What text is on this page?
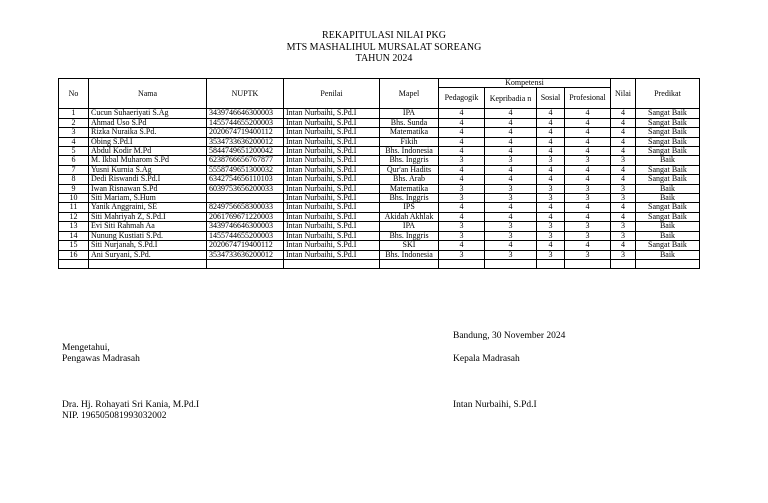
REKAPITULASI NILAI PKG
MTS MASHALIHUL MURSALAT SOREANG
TAHUN 2024
No	Nama	NUPTK	Penilai	Mapel	Kompetensi				Nilai	Predikat
					Pedagogik	Kepribadia n	Sosial	Profesional		
1	Cucun Suhaeriyati S.Ag	3439746646300003	Intan Nurbaihi, S.Pd.I	IPA	4	4	4	4	4	Sangat Baik
2	Ahmad Uso S.Pd	1455744655200003	Intan Nurbaihi, S.Pd.I	Bhs. Sunda	4	4	4	4	4	Sangat Baik
3	Rizka Nuraika S.Pd.	2020674719400112	Intan Nurbaihi, S.Pd.I	Matematika	4	4	4	4	4	Sangat Baik
4	Obing S.Pd.I	3534733636200012	Intan Nurbaihi, S.Pd.I	Fikih	4	4	4	4	4	Sangat Baik
5	Abdul Kodir M.Pd	5844749651200042	Intan Nurbaihi, S.Pd.I	Bhs. Indonesia	4	4	4	4	4	Sangat Baik
6	M. Ikbal Muharom S.Pd	6238766656767877	Intan Nurbaihi, S.Pd.I	Bhs. Inggris	3	3	3	3	3	Baik
7	Yusni Kurnia S.Ag	5558749651300032	Intan Nurbaihi, S.Pd.I	Qur'an Hadits	4	4	4	4	4	Sangat Baik
8	Dedi Riswandi S.Pd.I	6342754656110103	Intan Nurbaihi, S.Pd.I	Bhs. Arab	4	4	4	4	4	Sangat Baik
9	Iwan Risnawan S.Pd	6039753656200033	Intan Nurbaihi, S.Pd.I	Matematika	3	3	3	3	3	Baik
10	Siti Mariam, S.Hum		Intan Nurbaihi, S.Pd.I	Bhs. Inggris	3	3	3	3	3	Baik
11	Yanik Anggraini, SE	8249756658300033	Intan Nurbaihi, S.Pd.I	IPS	4	4	4	4	4	Sangat Baik
12	Siti Mahriyah Z, S.Pd.I	2061769671220003	Intan Nurbaihi, S.Pd.I	Akidah Akhlak	4	4	4	4	4	Sangat Baik
13	Evi Siti Rahmah Aa	3439746646300003	Intan Nurbaihi, S.Pd.I	IPA	3	3	3	3	3	Baik
14	Nunung Kustiati S.Pd.	1455744655200003	Intan Nurbaihi, S.Pd.I	Bhs. Inggris	3	3	3	3	3	Baik
15	Siti Nurjanah, S.Pd.I	2020674719400112	Intan Nurbaihi, S.Pd.I	SKI	4	4	4	4	4	Sangat Baik
16	Ani Suryani, S.Pd.	3534733636200012	Intan Nurbaihi, S.Pd.I	Bhs. Indonesia	3	3	3	3	3	Baik

Bandung, 30 November 2024
Mengetahui,
Pengawas Madrasah	Kepala Madrasah
Dra. Hj. Rohayati Sri Kania, M.Pd.I
NIP. 196505081993032002
Intan Nurbaihi, S.Pd.I
